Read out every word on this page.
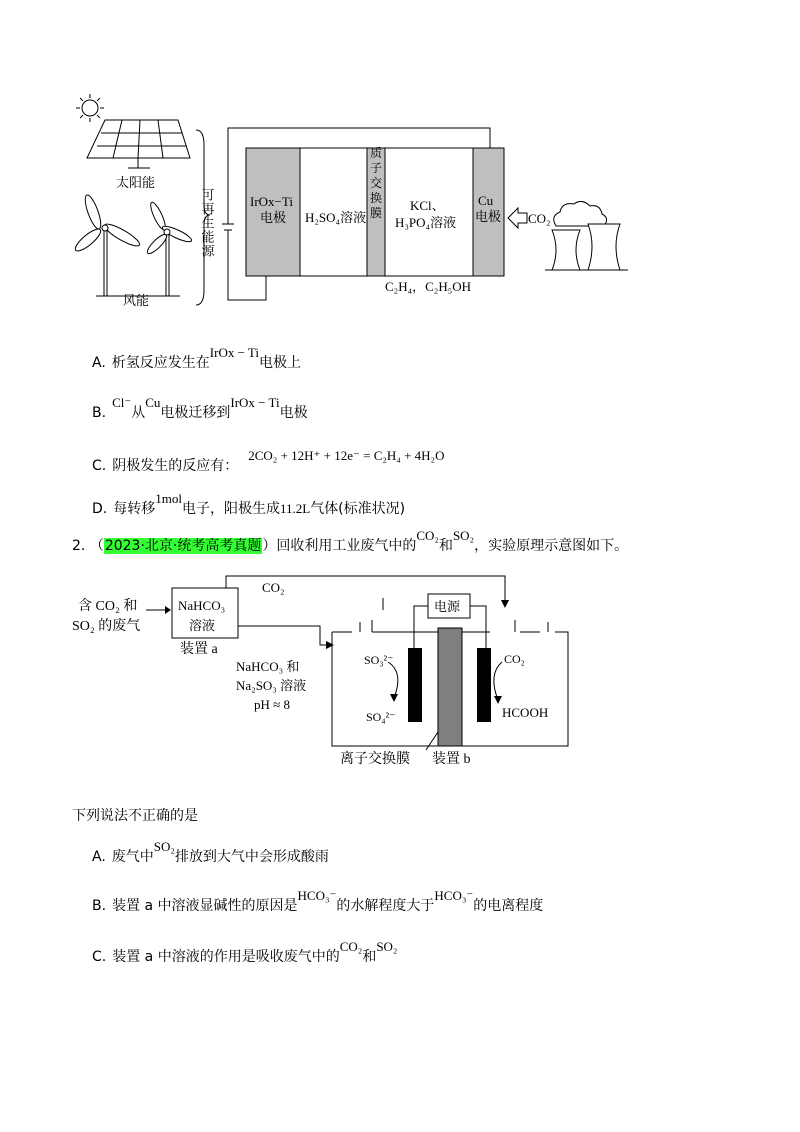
太阳能
风能
可再生能源	IrOx−Ti
电极 H₂SO₄溶液
质子交换膜 KCl、
H₃PO₄溶液
Cu
电极 CO₂
C₂H₄，C₂H₅OH
A. 析氢反应发生在IrOx − Ti电极上
B.Cl⁻从Cu电极迁移到IrOx − Ti电极
C. 阴极发生的反应有：2CO₂ + 12H⁺ + 12e⁻ = C₂H₄ + 4H₂O
D. 每转移1mol电子，阳极生成11.2L气体(标准状况)
2. （2023·北京·统考高考真题）回收利用工业废气中的CO₂和SO₂，实验原理示意图如下。
含 CO₂ 和
SO₂ 的废气
NaHCO₃
溶液
装置 a
CO₂
NaHCO₃ 和
Na₂SO₃ 溶液
pH ≈ 8
电源
SO₃²⁻
SO₄²⁻
CO₂
HCOOH
离子交换膜 装置 b
下列说法不正确的是
A. 废气中SO₂排放到大气中会形成酸雨
B. 装置 a 中溶液显碱性的原因是HCO₃⁻的水解程度大于HCO₃⁻的电离程度
C. 装置 a 中溶液的作用是吸收废气中的CO₂和SO₂
